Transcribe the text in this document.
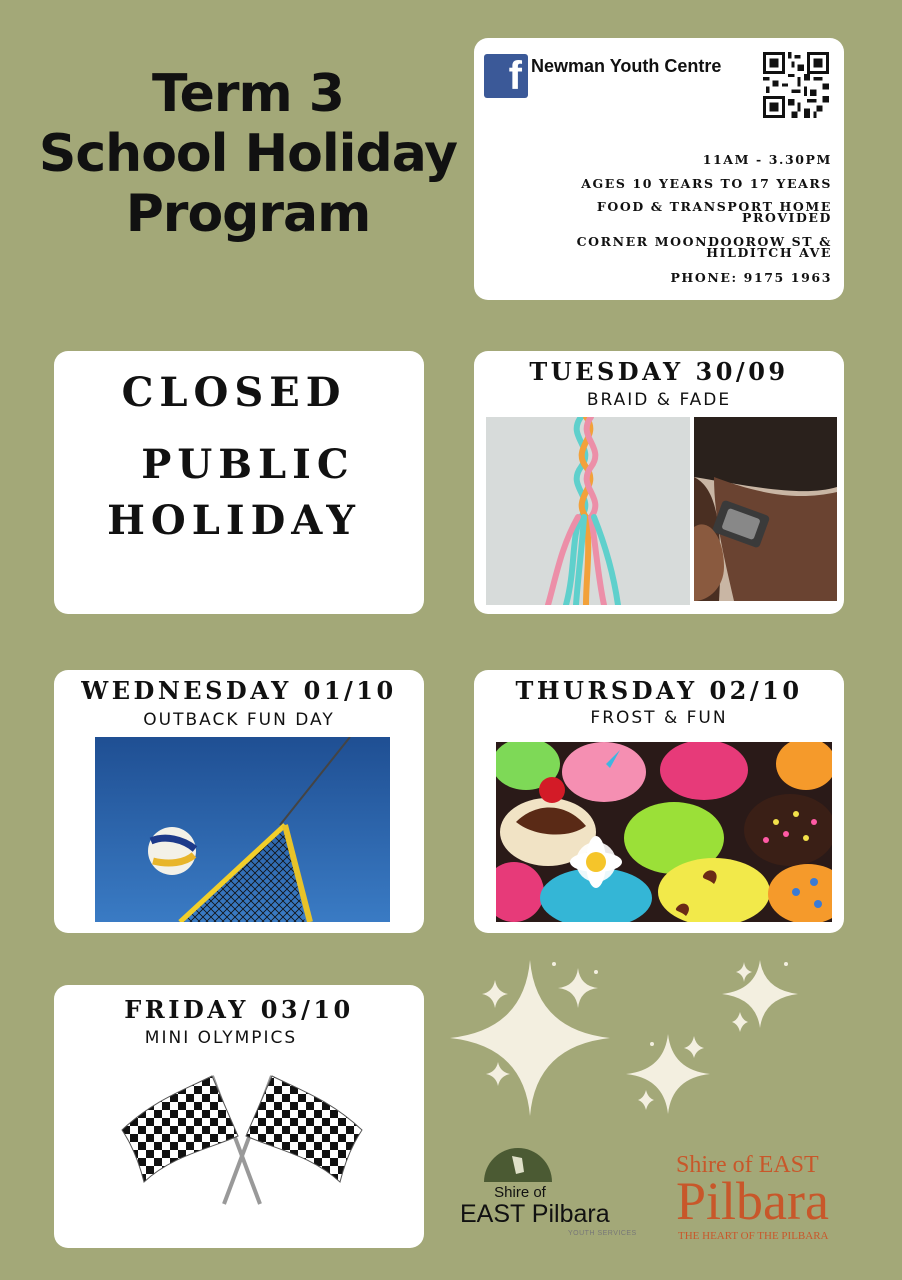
Term 3
School Holiday
Program
f Newman Youth Centre
11AM - 3.30PM
AGES 10 YEARS TO 17 YEARS
FOOD & TRANSPORT HOME PROVIDED
CORNER MOONDOOROW ST & HILDITCH AVE
PHONE: 9175 1963
CLOSED
PUBLIC
HOLIDAY
TUESDAY 30/09
BRAID & FADE
WEDNESDAY 01/10
OUTBACK FUN DAY
THURSDAY 02/10
FROST & FUN
FRIDAY 03/10
MINI OLYMPICS
Shire of
EAST Pilbara
YOUTH SERVICES
Shire of EAST
Pilbara
THE HEART OF THE PILBARA
